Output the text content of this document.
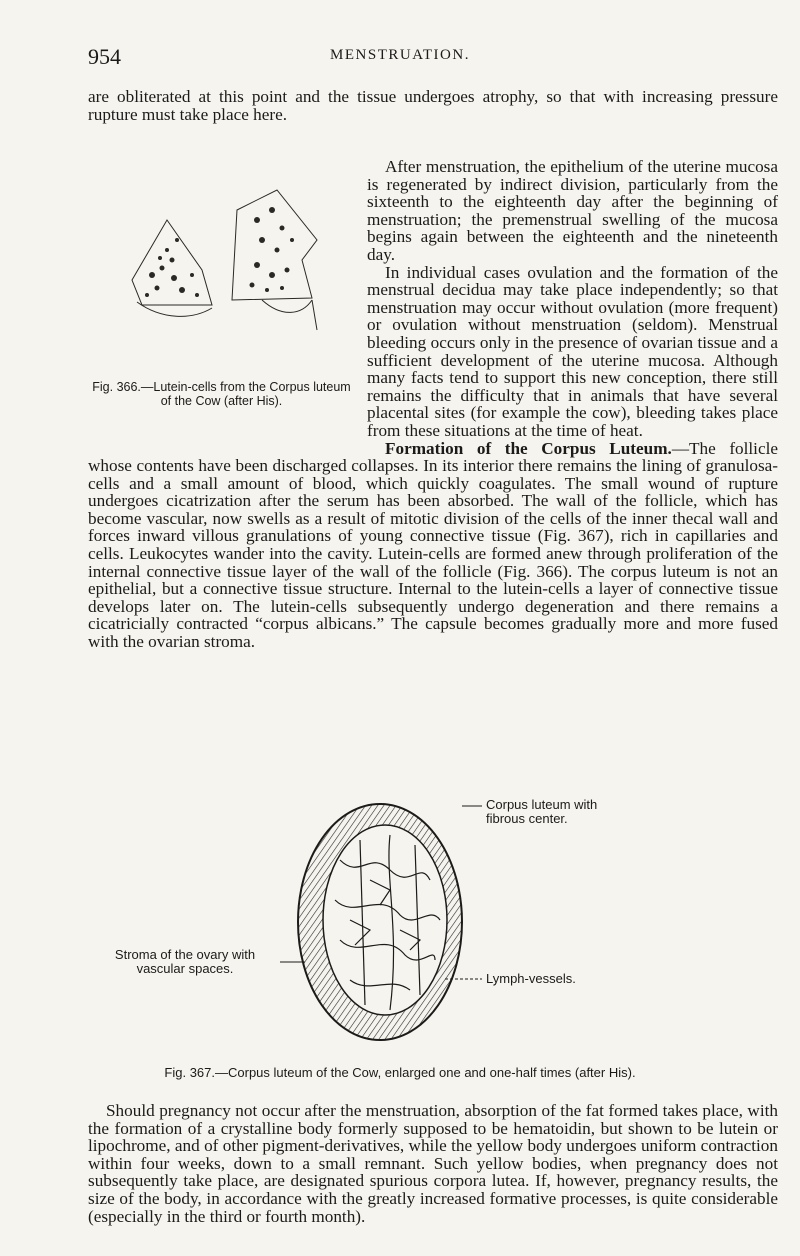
954	MENSTRUATION.

are obliterated at this point and the tissue undergoes atrophy, so that with increasing pressure rupture must take place here.

Fig. 366.—Lutein-cells from the Corpus luteum of the Cow (after His).
After menstruation, the epithelium of the uterine mucosa is regenerated by indirect division, particularly from the sixteenth to the eighteenth day after the beginning of menstruation; the premenstrual swelling of the mucosa begins again between the eighteenth and the nineteenth day.
In individual cases ovulation and the formation of the menstrual decidua may take place independently; so that menstruation may occur without ovulation (more frequent) or ovulation without menstruation (seldom). Menstrual bleeding occurs only in the presence of ovarian tissue and a sufficient development of the uterine mucosa. Although many facts tend to support this new conception, there still remains the difficulty that in animals that have several placental sites (for example the cow), bleeding takes place from these situations at the time of heat.
Formation of the Corpus Luteum.—The follicle whose contents have been discharged collapses. In its interior there remains the lining of granulosa-cells and a small amount of blood, which quickly coagulates. The small wound of rupture undergoes cicatrization after the serum has been absorbed. The wall of the follicle, which has become vascular, now swells as a result of mitotic division of the cells of the inner thecal wall and forces inward villous granulations of young connective tissue (Fig. 367), rich in capillaries and cells. Leukocytes wander into the cavity. Lutein-cells are formed anew through proliferation of the internal connective tissue layer of the wall of the follicle (Fig. 366). The corpus luteum is not an epithelial, but a connective tissue structure. Internal to the lutein-cells a layer of connective tissue develops later on. The lutein-cells subsequently undergo degeneration and there remains a cicatricially contracted “corpus albicans.” The capsule becomes gradually more and more fused with the ovarian stroma.
Corpus luteum with fibrous center.
Stroma of the ovary with vascular spaces.
Lymph-vessels.
Fig. 367.—Corpus luteum of the Cow, enlarged one and one-half times (after His).

Should pregnancy not occur after the menstruation, absorption of the fat formed takes place, with the formation of a crystalline body formerly supposed to be hematoidin, but shown to be lutein or lipochrome, and of other pigment-derivatives, while the yellow body undergoes uniform contraction within four weeks, down to a small remnant. Such yellow bodies, when pregnancy does not subsequently take place, are designated spurious corpora lutea. If, however, pregnancy results, the size of the body, in accordance with the greatly increased formative processes, is quite considerable (especially in the third or fourth month).
